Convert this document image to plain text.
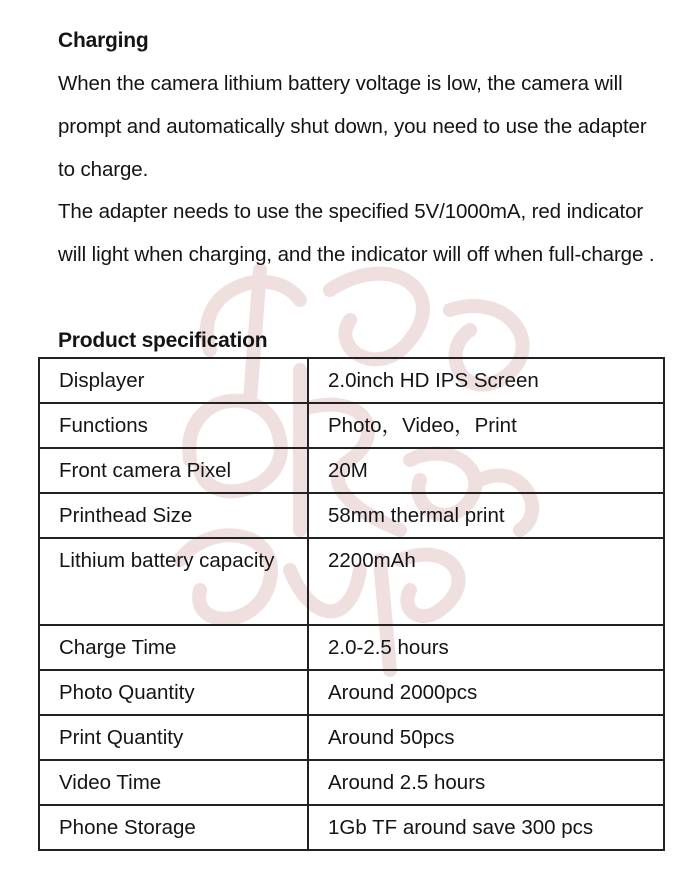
Charging

When the camera lithium battery voltage is low, the camera will prompt and automatically shut down, you need to use the adapter to charge.

The adapter needs to use the specified 5V/1000mA, red indicator will light when charging, and the indicator will off when full-charge .

Product specification
Displayer	2.0inch HD IPS Screen
Functions	Photo，Video，Print
Front camera Pixel	20M
Printhead Size	58mm thermal print
Lithium battery capacity	2200mAh
Charge Time	2.0-2.5 hours
Photo Quantity	Around 2000pcs
Print Quantity	Around 50pcs
Video Time	Around 2.5 hours
Phone Storage	1Gb TF around save 300 pcs
